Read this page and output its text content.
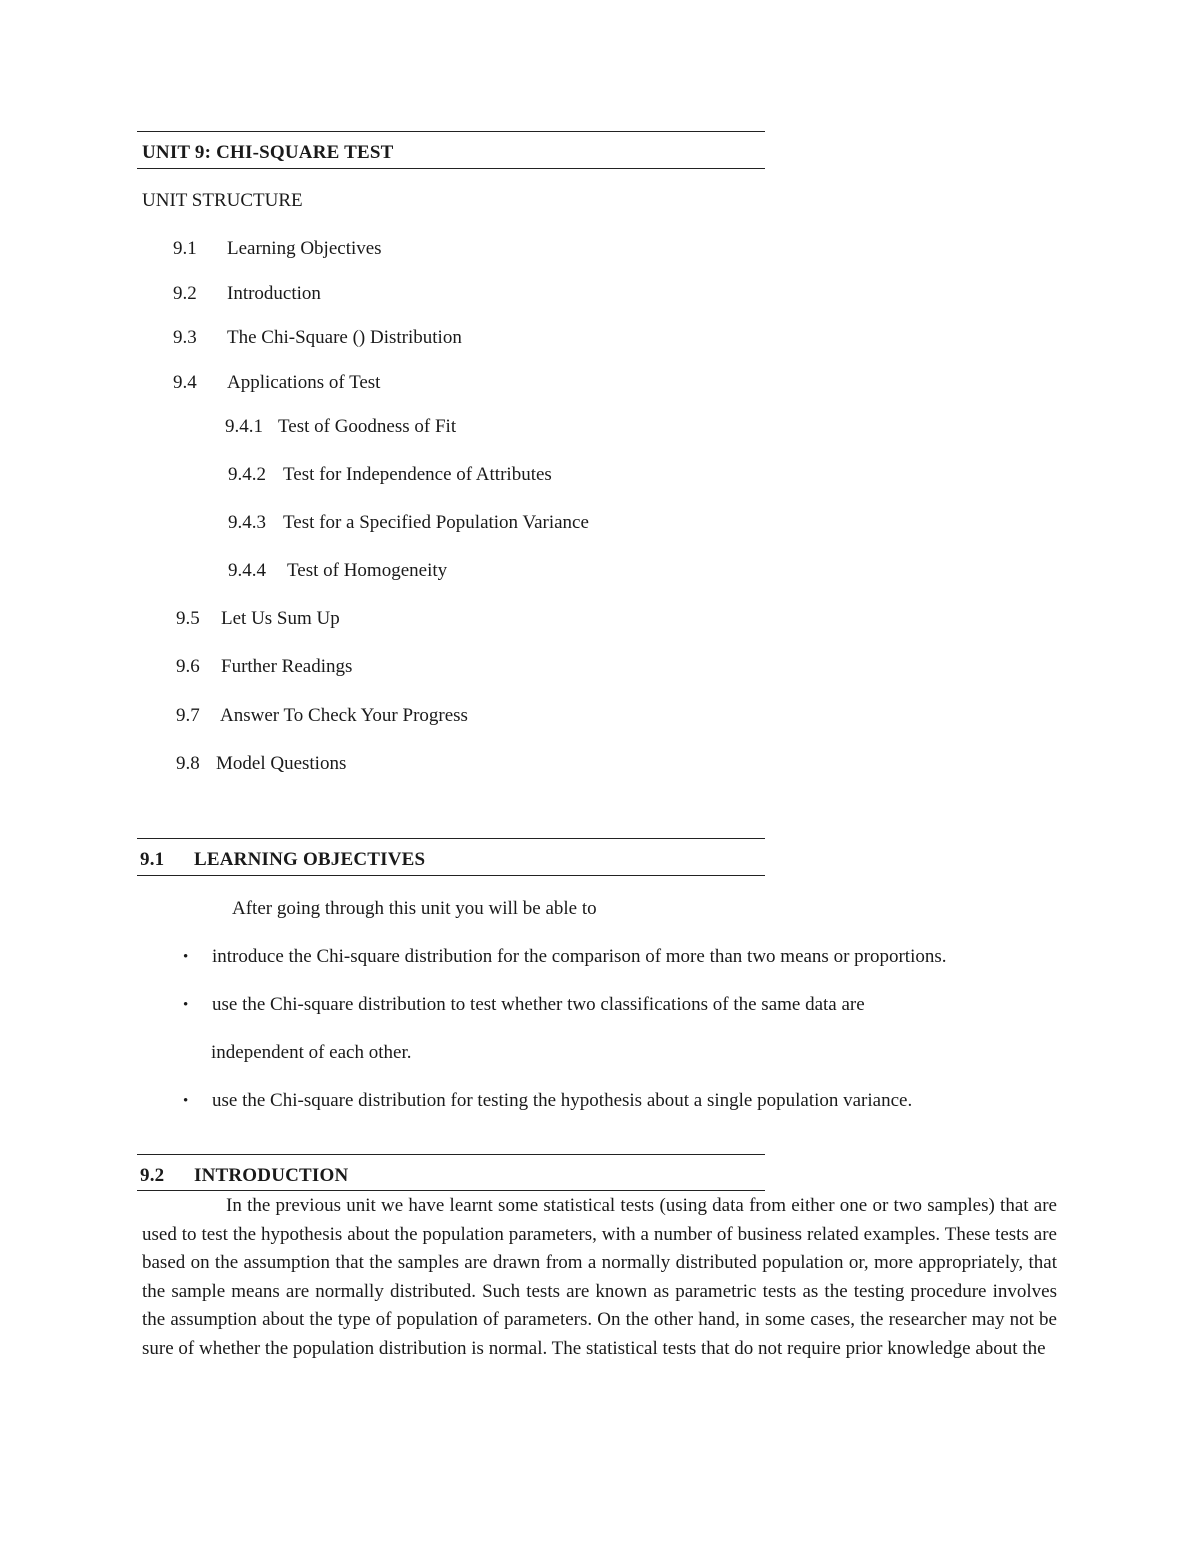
UNIT 9: CHI-SQUARE TEST
UNIT STRUCTURE
9.1 Learning Objectives
9.2 Introduction
9.3 The Chi-Square () Distribution
9.4 Applications of Test
9.4.1 Test of Goodness of Fit
9.4.2 Test for Independence of Attributes
9.4.3 Test for a Specified Population Variance
9.4.4 Test of Homogeneity
9.5 Let Us Sum Up
9.6 Further Readings
9.7 Answer To Check Your Progress
9.8 Model Questions
9.1 LEARNING OBJECTIVES
After going through this unit you will be able to
• introduce the Chi-square distribution for the comparison of more than two means or proportions.
• use the Chi-square distribution to test whether two classifications of the same data are
independent of each other.
• use the Chi-square distribution for testing the hypothesis about a single population variance.
9.2 INTRODUCTION
In the previous unit we have learnt some statistical tests (using data from either one or two samples) that are used to test the hypothesis about the population parameters, with a number of business related examples. These tests are based on the assumption that the samples are drawn from a normally distributed population or, more appropriately, that the sample means are normally distributed. Such tests are known as parametric tests as the testing procedure involves the assumption about the type of population of parameters. On the other hand, in some cases, the researcher may not be sure of whether the population distribution is normal. The statistical tests that do not require prior knowledge about the
